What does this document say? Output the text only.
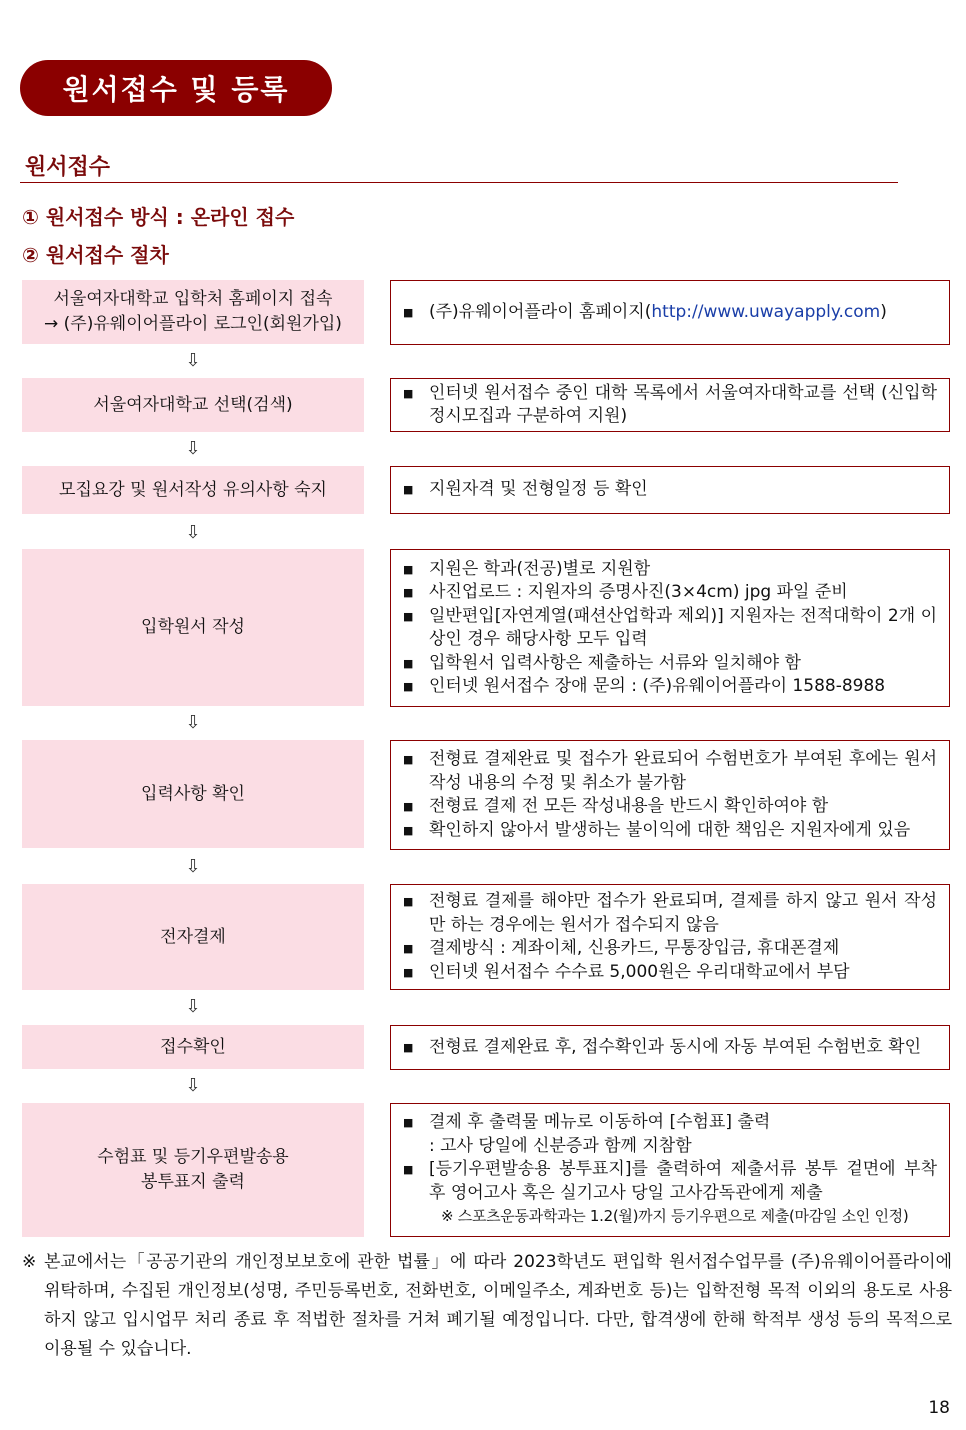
원서접수 및 등록
원서접수
① 원서접수 방식 : 온라인 접수
② 원서접수 절차
서울여자대학교 입학처 홈페이지 접속
→ (주)유웨이어플라이 로그인(회원가입)
■ (주)유웨이어플라이 홈페이지(http://www.uwayapply.com)
⇩
서울여자대학교 선택(검색)
■ 인터넷 원서접수 중인 대학 목록에서 서울여자대학교를 선택 (신입학 정시모집과 구분하여 지원)
⇩
모집요강 및 원서작성 유의사항 숙지	■ 지원자격 및 전형일정 등 확인
⇩
입학원서 작성
■ 지원은 학과(전공)별로 지원함
■ 사진업로드 : 지원자의 증명사진(3×4cm) jpg 파일 준비
■ 일반편입[자연계열(패션산업학과 제외)] 지원자는 전적대학이 2개 이상인 경우 해당사항 모두 입력
■ 입학원서 입력사항은 제출하는 서류와 일치해야 함
■ 인터넷 원서접수 장애 문의 : (주)유웨이어플라이 1588-8988
⇩
입력사항 확인
■ 전형료 결제완료 및 접수가 완료되어 수험번호가 부여된 후에는 원서작성 내용의 수정 및 취소가 불가함
■ 전형료 결제 전 모든 작성내용을 반드시 확인하여야 함
■ 확인하지 않아서 발생하는 불이익에 대한 책임은 지원자에게 있음
⇩
전자결제
■ 전형료 결제를 해야만 접수가 완료되며, 결제를 하지 않고 원서 작성만 하는 경우에는 원서가 접수되지 않음
■ 결제방식 : 계좌이체, 신용카드, 무통장입금, 휴대폰결제
■ 인터넷 원서접수 수수료 5,000원은 우리대학교에서 부담
⇩
접수확인	■ 전형료 결제완료 후, 접수확인과 동시에 자동 부여된 수험번호 확인
⇩
수험표 및 등기우편발송용
봉투표지 출력
■ 결제 후 출력물 메뉴로 이동하여 [수험표] 출력
: 고사 당일에 신분증과 함께 지참함
■ [등기우편발송용 봉투표지]를 출력하여 제출서류 봉투 겉면에 부착 후 영어고사 혹은 실기고사 당일 고사감독관에게 제출
※ 스포츠운동과학과는 1.2(월)까지 등기우편으로 제출(마감일 소인 인정)
※ 본교에서는「공공기관의 개인정보보호에 관한 법률」에 따라 2023학년도 편입학 원서접수업무를 (주)유웨이어플라이에 위탁하며, 수집된 개인정보(성명, 주민등록번호, 전화번호, 이메일주소, 계좌번호 등)는 입학전형 목적 이외의 용도로 사용하지 않고 입시업무 처리 종료 후 적법한 절차를 거쳐 폐기될 예정입니다. 다만, 합격생에 한해 학적부 생성 등의 목적으로 이용될 수 있습니다.
18
